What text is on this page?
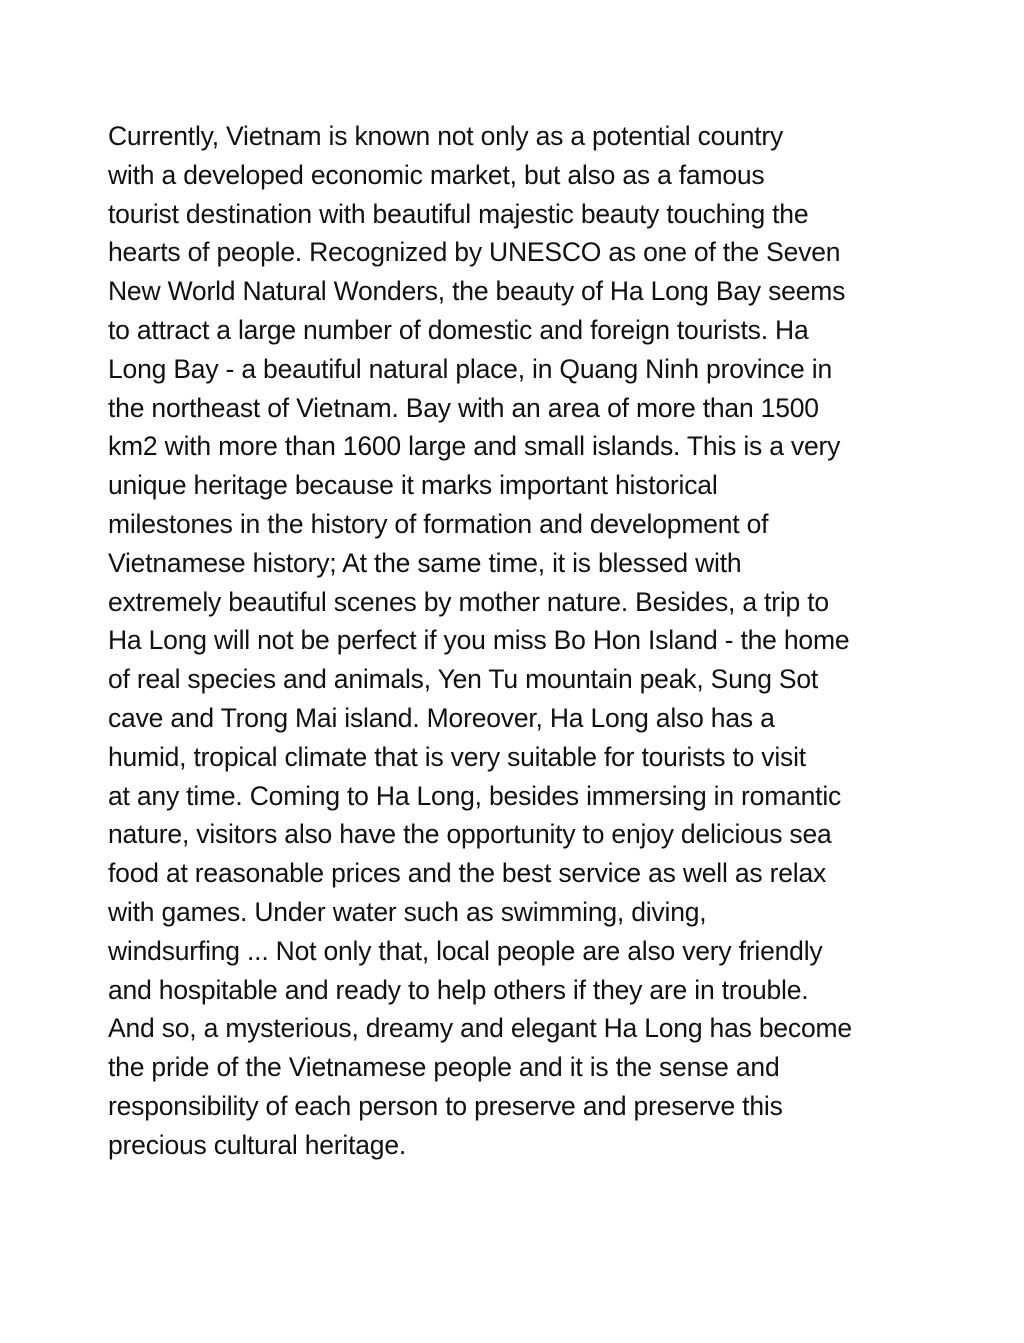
Currently, Vietnam is known not only as a potential country
with a developed economic market, but also as a famous
tourist destination with beautiful majestic beauty touching the
hearts of people. Recognized by UNESCO as one of the Seven
New World Natural Wonders, the beauty of Ha Long Bay seems
to attract a large number of domestic and foreign tourists. Ha
Long Bay - a beautiful natural place, in Quang Ninh province in
the northeast of Vietnam. Bay with an area of more than 1500
km2 with more than 1600 large and small islands. This is a very
unique heritage because it marks important historical
milestones in the history of formation and development of
Vietnamese history; At the same time, it is blessed with
extremely beautiful scenes by mother nature. Besides, a trip to
Ha Long will not be perfect if you miss Bo Hon Island - the home
of real species and animals, Yen Tu mountain peak, Sung Sot
cave and Trong Mai island. Moreover, Ha Long also has a
humid, tropical climate that is very suitable for tourists to visit
at any time. Coming to Ha Long, besides immersing in romantic
nature, visitors also have the opportunity to enjoy delicious sea
food at reasonable prices and the best service as well as relax
with games. Under water such as swimming, diving,
windsurfing ... Not only that, local people are also very friendly
and hospitable and ready to help others if they are in trouble.
And so, a mysterious, dreamy and elegant Ha Long has become
the pride of the Vietnamese people and it is the sense and
responsibility of each person to preserve and preserve this
precious cultural heritage.
